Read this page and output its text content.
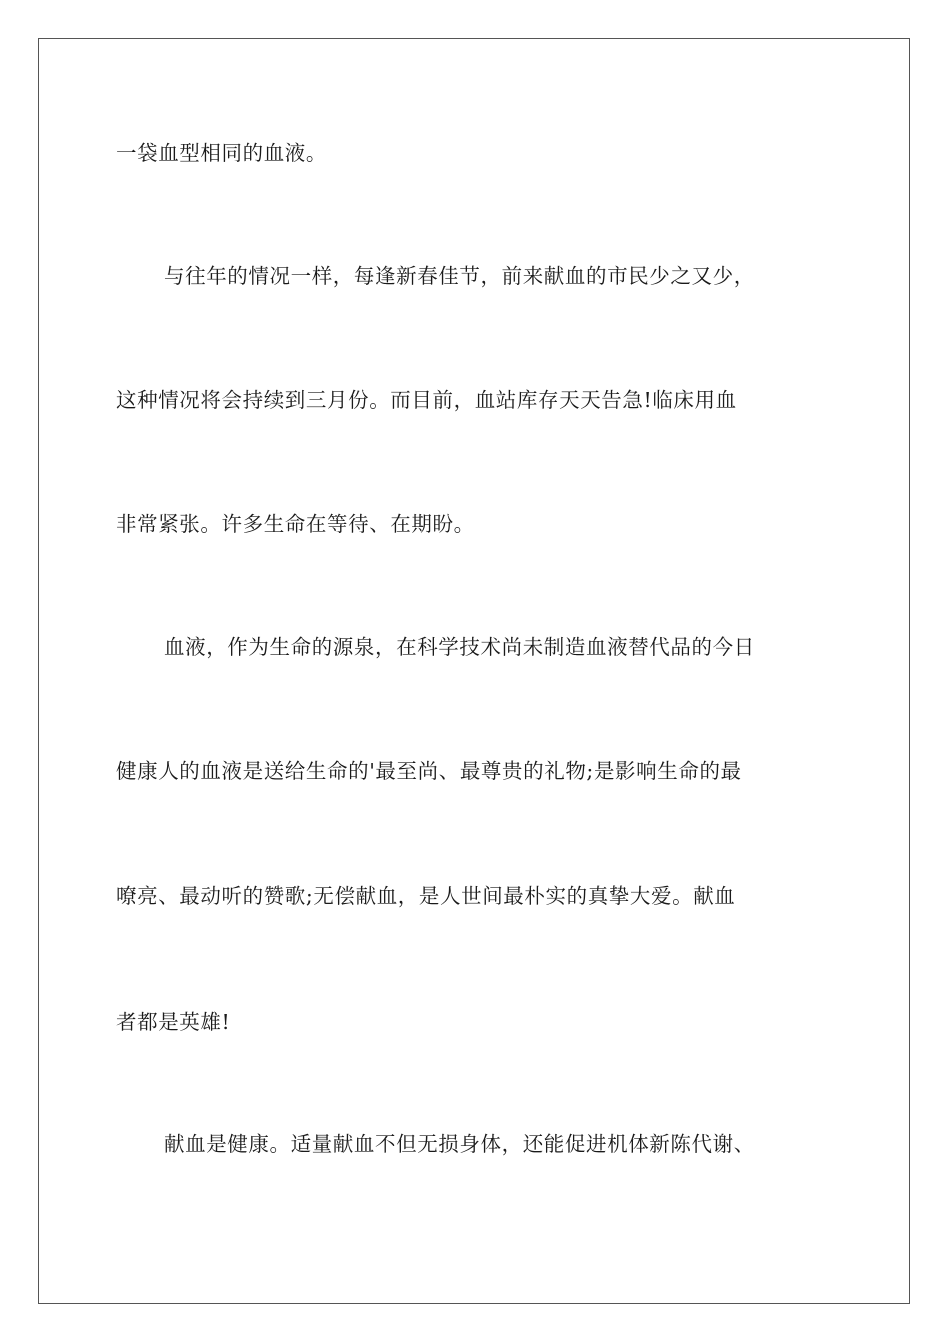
一袋血型相同的血液。
与往年的情况一样，每逢新春佳节，前来献血的市民少之又少，
这种情况将会持续到三月份。而目前，血站库存天天告急!临床用血
非常紧张。许多生命在等待、在期盼。
血液，作为生命的源泉，在科学技术尚未制造血液替代品的今日
健康人的血液是送给生命的'最至尚、最尊贵的礼物;是影响生命的最
嘹亮、最动听的赞歌;无偿献血，是人世间最朴实的真挚大爱。献血
者都是英雄!
献血是健康。适量献血不但无损身体，还能促进机体新陈代谢、
